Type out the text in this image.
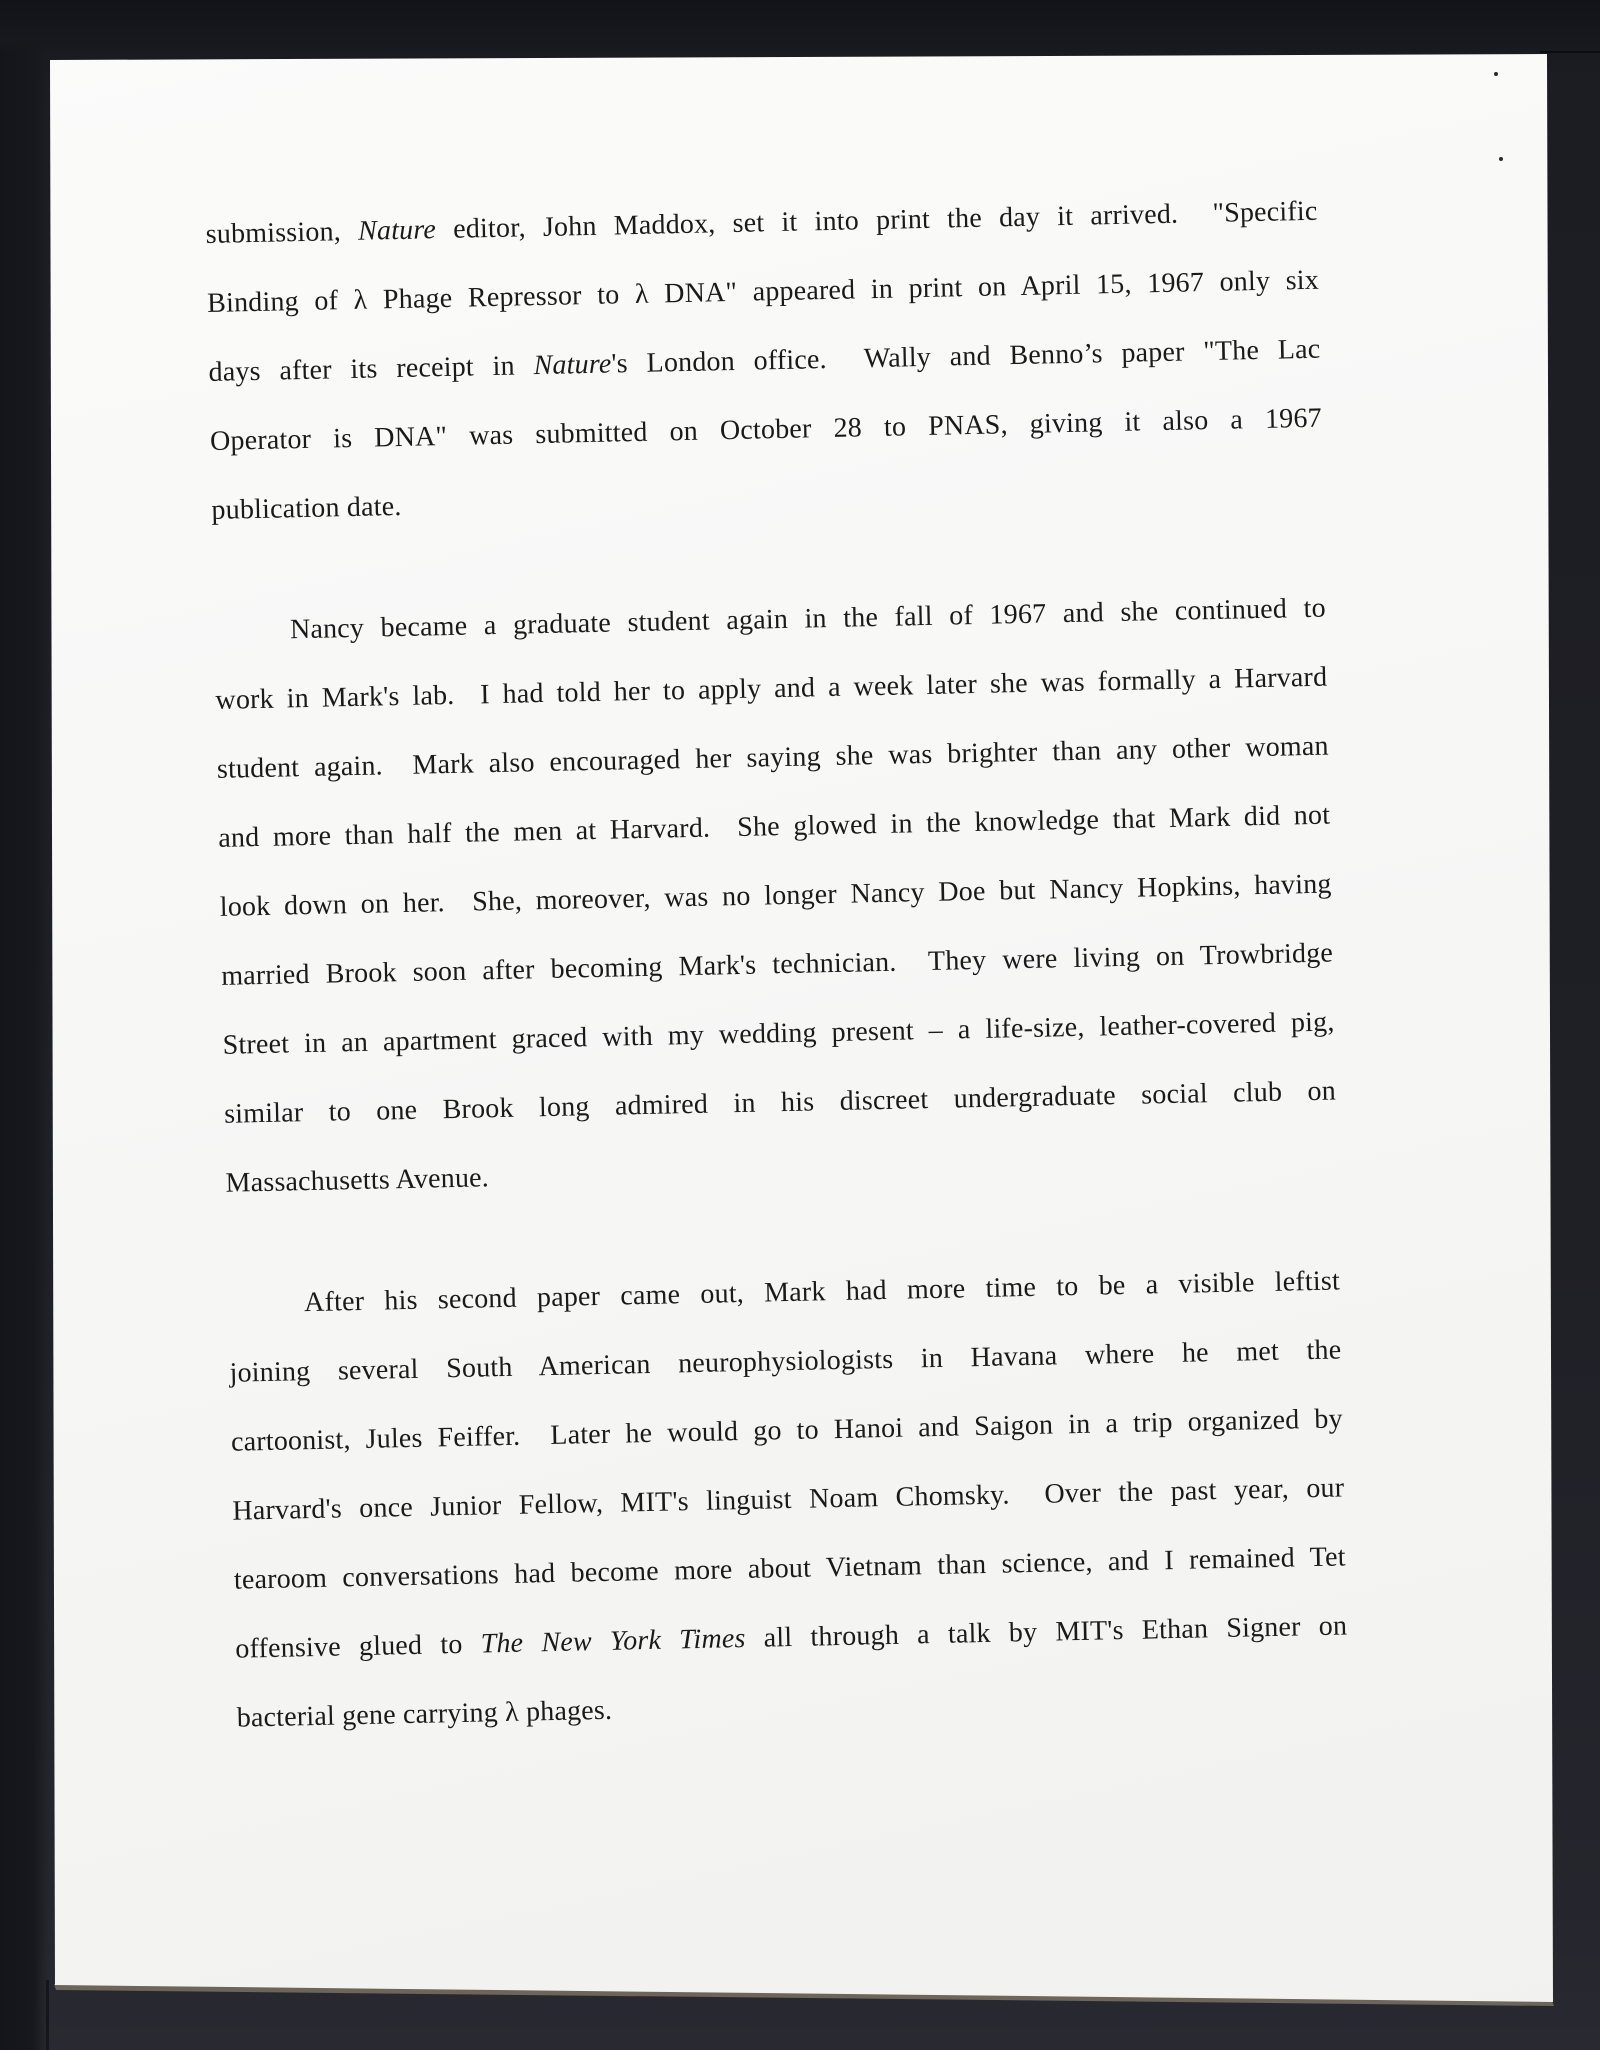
submission, Nature editor, John Maddox, set it into print the day it arrived.  "Specific
Binding of λ Phage Repressor to λ DNA" appeared in print on April 15, 1967 only six
days after its receipt in Nature's London office.  Wally and Benno’s paper "The Lac
Operator is DNA" was submitted on October 28 to PNAS, giving it also a 1967
publication date.
Nancy became a graduate student again in the fall of 1967 and she continued to
work in Mark's lab.  I had told her to apply and a week later she was formally a Harvard
student again.  Mark also encouraged her saying she was brighter than any other woman
and more than half the men at Harvard.  She glowed in the knowledge that Mark did not
look down on her.  She, moreover, was no longer Nancy Doe but Nancy Hopkins, having
married Brook soon after becoming Mark's technician.  They were living on Trowbridge
Street in an apartment graced with my wedding present – a life-size, leather-covered pig,
similar to one Brook long admired in his discreet undergraduate social club on
Massachusetts Avenue.
After his second paper came out, Mark had more time to be a visible leftist
joining several South American neurophysiologists in Havana where he met the
cartoonist, Jules Feiffer.  Later he would go to Hanoi and Saigon in a trip organized by
Harvard's once Junior Fellow, MIT's linguist Noam Chomsky.  Over the past year, our
tearoom conversations had become more about Vietnam than science, and I remained Tet
offensive glued to The New York Times all through a talk by MIT's Ethan Signer on
bacterial gene carrying λ phages.
